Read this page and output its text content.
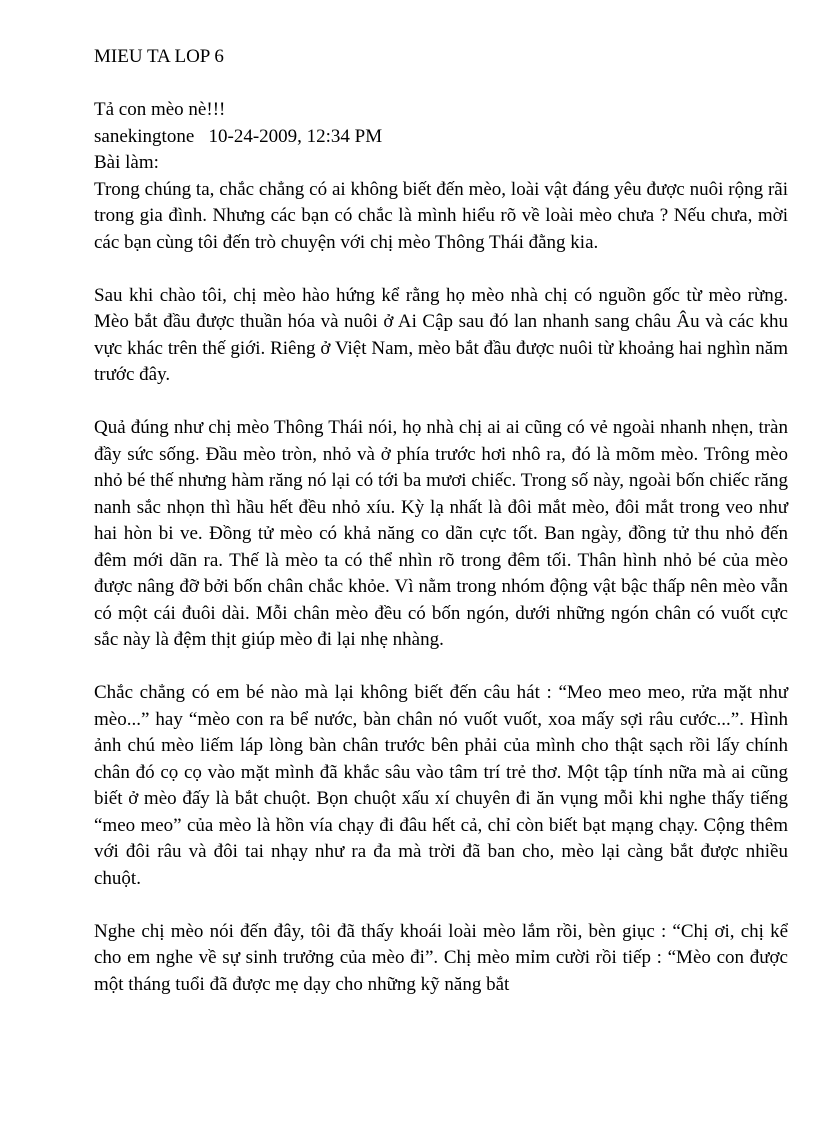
MIEU TA LOP 6
Tả con mèo nè!!!
sanekingtone   10-24-2009, 12:34 PM
Bài làm:

Trong chúng ta, chắc chẳng có ai không biết đến mèo, loài vật đáng yêu được nuôi rộng rãi trong gia đình. Nhưng các bạn có chắc là mình hiểu rõ về loài mèo chưa ? Nếu chưa, mời các bạn cùng tôi đến trò chuyện với chị mèo Thông Thái đằng kia.

Sau khi chào tôi, chị mèo hào hứng kể rằng họ mèo nhà chị có nguồn gốc từ mèo rừng. Mèo bắt đầu được thuần hóa và nuôi ở Ai Cập sau đó lan nhanh sang châu Âu và các khu vực khác trên thế giới. Riêng ở Việt Nam, mèo bắt đầu được nuôi từ khoảng hai nghìn năm trước đây.

Quả đúng như chị mèo Thông Thái nói, họ nhà chị ai ai cũng có vẻ ngoài nhanh nhẹn, tràn đầy sức sống. Đầu mèo tròn, nhỏ và ở phía trước hơi nhô ra, đó là mõm mèo. Trông mèo nhỏ bé thế nhưng hàm răng nó lại có tới ba mươi chiếc. Trong số này, ngoài bốn chiếc răng nanh sắc nhọn thì hầu hết đều nhỏ xíu. Kỳ lạ nhất là đôi mắt mèo, đôi mắt trong veo như hai hòn bi ve. Đồng tử mèo có khả năng co dãn cực tốt. Ban ngày, đồng tử thu nhỏ đến đêm mới dãn ra. Thế là mèo ta có thể nhìn rõ trong đêm tối. Thân hình nhỏ bé của mèo được nâng đỡ bởi bốn chân chắc khỏe. Vì nằm trong nhóm động vật bậc thấp nên mèo vẫn có một cái đuôi dài. Mỗi chân mèo đều có bốn ngón, dưới những ngón chân có vuốt cực sắc này là đệm thịt giúp mèo đi lại nhẹ nhàng.

Chắc chẳng có em bé nào mà lại không biết đến câu hát : “Meo meo meo, rửa mặt như mèo...” hay “mèo con ra bể nước, bàn chân nó vuốt vuốt, xoa mấy sợi râu cước...”. Hình ảnh chú mèo liếm láp lòng bàn chân trước bên phải của mình cho thật sạch rồi lấy chính chân đó cọ cọ vào mặt mình đã khắc sâu vào tâm trí trẻ thơ. Một tập tính nữa mà ai cũng biết ở mèo đấy là bắt chuột. Bọn chuột xấu xí chuyên đi ăn vụng mỗi khi nghe thấy tiếng “meo meo” của mèo là hồn vía chạy đi đâu hết cả, chỉ còn biết bạt mạng chạy. Cộng thêm với đôi râu và đôi tai nhạy như ra đa mà trời đã ban cho, mèo lại càng bắt được nhiều chuột.

Nghe chị mèo nói đến đây, tôi đã thấy khoái loài mèo lắm rồi, bèn giục : “Chị ơi, chị kể cho em nghe về sự sinh trưởng của mèo đi”. Chị mèo mỉm cười rồi tiếp : “Mèo con được một tháng tuổi đã được mẹ dạy cho những kỹ năng bắt
